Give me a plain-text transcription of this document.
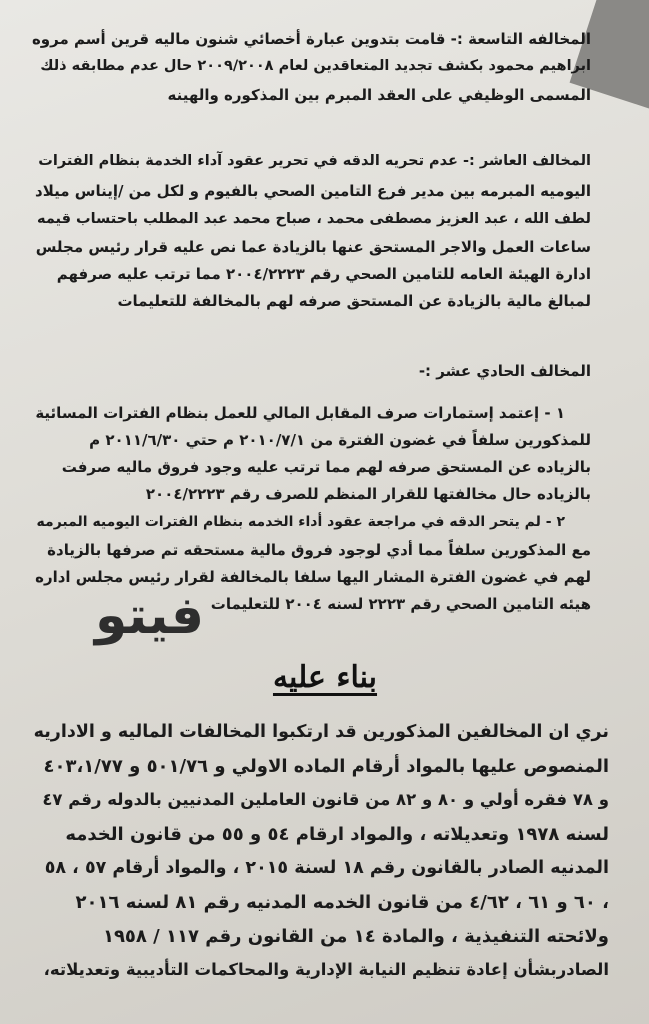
المخالفه التاسعة :- قامت بتدوين عبارة أخصائي شنون ماليه قرين أسم مروه
ابراهيم محمود بكشف تجديد المتعاقدين لعام ٢٠٠٩/٢٠٠٨ حال عدم مطابقه ذلك
المسمى الوظيفي على العقد المبرم بين المذكوره والهينه
المخالف العاشر :- عدم تحريه الدقه في تحرير عقود آداء الخدمة بنظام الفترات
اليوميه المبرمه بين مدير فرع التامين الصحي بالفيوم و لكل من /إيناس ميلاد
لطف الله ، عبد العزيز مصطفى محمد ، صباح محمد عبد المطلب باحتساب قيمه
ساعات العمل والاجر المستحق عنها بالزيادة عما نص عليه قرار رئيس مجلس
ادارة الهيئة العامه للتامين الصحي رقم ٢٠٠٤/٢٢٢٣ مما ترتب عليه صرفهم
لمبالغ مالية بالزيادة عن المستحق صرفه لهم بالمخالفة للتعليمات
المخالف الحادي عشر :-
١ - إعتمد إستمارات صرف المقابل المالي للعمل بنظام الفترات المسائية
للمذكورين سلفاً في غضون الفترة من ٢٠١٠/٧/١ م حتي ٢٠١١/٦/٣٠ م
بالزياده عن المستحق صرفه لهم مما ترتب عليه وجود فروق ماليه صرفت
بالزياده حال مخالفتها للقرار المنظم للصرف رقم ٢٠٠٤/٢٢٢٣
٢ - لم يتحر الدقه في مراجعة عقود أداء الخدمه بنظام الفترات اليوميه المبرمه
مع المذكورين سلفاً مما أدي لوجود فروق مالية مستحقه تم صرفها بالزيادة
لهم في غضون الفترة المشار اليها سلفا بالمخالفة لقرار رئيس مجلس اداره
هيئه التامين الصحي رقم ٢٢٢٣ لسنه ٢٠٠٤ للتعليمات
فيتو
بناء عليه
نري ان المخالفين المذكورين قد ارتكبوا المخالفات الماليه و الاداريه
المنصوص عليها بالمواد أرقام الماده الاولي و ٥٠١/٧٦ و ٤٠٣،١/٧٧
و ٧٨ فقره أولي و ٨٠ و ٨٢ من قانون العاملين المدنيين بالدوله رقم ٤٧
لسنه ١٩٧٨ وتعديلاته ، والمواد ارقام ٥٤ و ٥٥ من قانون الخدمه
المدنيه الصادر بالقانون رقم ١٨ لسنة ٢٠١٥ ، والمواد أرقام ٥٧ ، ٥٨
، ٦٠ و ٦١ ، ٤/٦٢ من قانون الخدمه المدنيه رقم ٨١ لسنه ٢٠١٦
ولائحته التنفيذية ، والمادة ١٤ من القانون رقم ١١٧ / ١٩٥٨
الصادربشأن إعادة تنظيم النيابة الإدارية والمحاكمات التأديبية وتعديلاته،
